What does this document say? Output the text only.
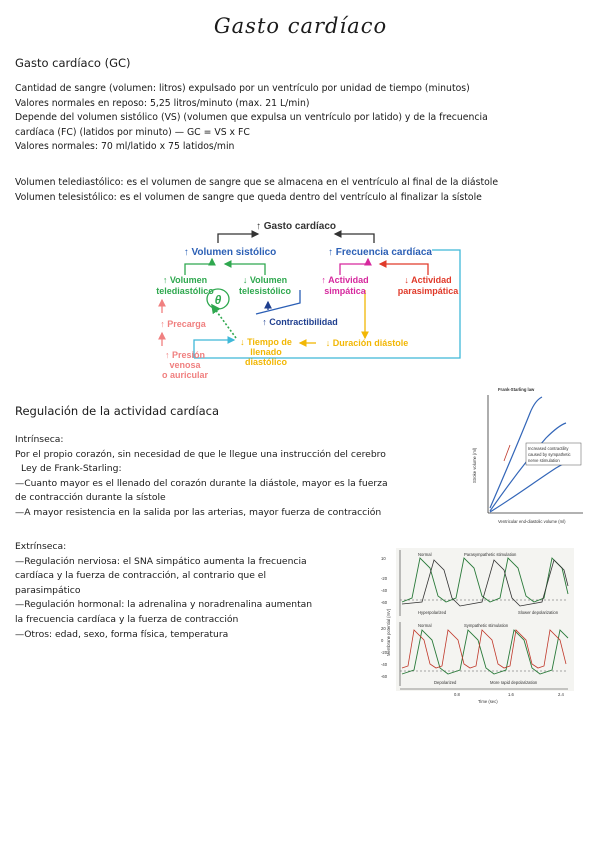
Gasto cardíaco
Gasto cardíaco (GC)
Cantidad de sangre (volumen: litros) expulsado por un ventrículo por unidad de tiempo (minutos)
Valores normales en reposo: 5,25 litros/minuto (max. 21 L/min)
Depende del volumen sistólico (VS) (volumen que expulsa un ventrículo por latido) y de la frecuencia
cardíaca (FC) (latidos por minuto) — GC = VS x FC
Valores normales: 70 ml/latido x 75 latidos/min
Volumen telediastólico: es el volumen de sangre que se almacena en el ventrículo al final de la diástole
Volumen telesistólico: es el volumen de sangre que queda dentro del ventrículo al finalizar la sístole
↑ Gasto cardíaco
↑ Volumen sistólico	↑ Frecuencia cardíaca
↑ Volumen
telediastólico
↓ Volumen
telesistólico
↑ Actividad
simpática
↓ Actividad
parasimpática
θ
↑ Contractibilidad
↑ Precarga
↑ Presión
venosa
o auricular
↓ Tiempo de
llenado
diastólico
↓ Duración diástole
Regulación de la actividad cardíaca
Intrínseca:
Por el propio corazón, sin necesidad de que le llegue una instrucción del cerebro
Ley de Frank-Starling:
—Cuanto mayor es el llenado del corazón durante la diástole, mayor es la fuerza
de contracción durante la sístole
—A mayor resistencia en la salida por las arterias, mayor fuerza de contracción
Extrínseca:
—Regulación nerviosa: el SNA simpático aumenta la frecuencia
cardíaca y la fuerza de contracción, al contrario que el
parasimpático
—Regulación hormonal: la adrenalina y noradrenalina aumentan
la frecuencia cardíaca y la fuerza de contracción
—Otros: edad, sexo, forma física, temperatura
Frank-Starling law
Increased contractility
caused by sympathetic
nerve stimulation
Stroke volume (ml)
Ventricular end-diastolic volume (ml)
10
-20
-40
-60
Normal	Parasympathetic stimulation
Hyperpolarized	Slower depolarization
20
0
-20
-40
-60
Normal	Sympathetic stimulation
Depolarized	More rapid depolarization
0.8	1.6	2.4
Time (sec)
Membrane potential (mV)
